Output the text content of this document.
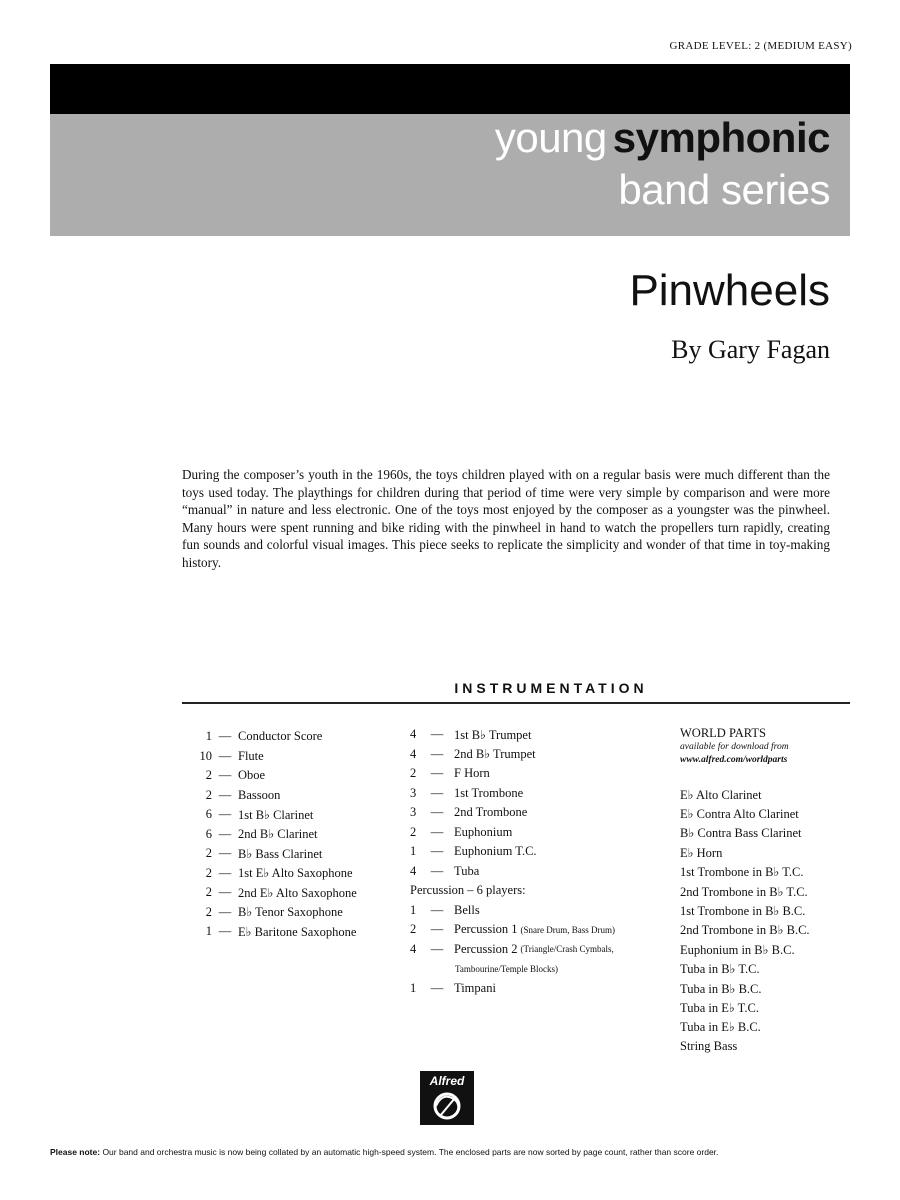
GRADE LEVEL: 2 (MEDIUM EASY)
young symphonic
band series
Pinwheels
By Gary Fagan
During the composer’s youth in the 1960s, the toys children played with on a regular basis were much different than the toys used today. The playthings for children during that period of time were very simple by comparison and were more “manual” in nature and less electronic. One of the toys most enjoyed by the composer as a youngster was the pinwheel. Many hours were spent running and bike riding with the pinwheel in hand to watch the propellers turn rapidly, creating fun sounds and colorful visual images. This piece seeks to replicate the simplicity and wonder of that time in toy-making history.
INSTRUMENTATION
1 — Conductor Score
10 — Flute
2 — Oboe
2 — Bassoon
6 — 1st B♭ Clarinet
6 — 2nd B♭ Clarinet
2 — B♭ Bass Clarinet
2 — 1st E♭ Alto Saxophone
2 — 2nd E♭ Alto Saxophone
2 — B♭ Tenor Saxophone
1 — E♭ Baritone Saxophone
4	— 1st B♭ Trumpet
4	— 2nd B♭ Trumpet
2	— F Horn
3	— 1st Trombone
3	— 2nd Trombone
2	— Euphonium
1	— Euphonium T.C.
4	— Tuba
Percussion – 6 players:
1	— Bells
2	— Percussion 1 (Snare Drum, Bass Drum)
4	— Percussion 2 (Triangle/Crash Cymbals,
Tambourine/Temple Blocks)
1	— Timpani
WORLD PARTS
available for download from
www.alfred.com/worldparts
E♭ Alto Clarinet
E♭ Contra Alto Clarinet
B♭ Contra Bass Clarinet
E♭ Horn
1st Trombone in B♭ T.C.
2nd Trombone in B♭ T.C.
1st Trombone in B♭ B.C.
2nd Trombone in B♭ B.C.
Euphonium in B♭ B.C.
Tuba in B♭ T.C.
Tuba in B♭ B.C.
Tuba in E♭ T.C.
Tuba in E♭ B.C.
String Bass
Alfred
Please note: Our band and orchestra music is now being collated by an automatic high-speed system. The enclosed parts are now sorted by page count, rather than score order.
